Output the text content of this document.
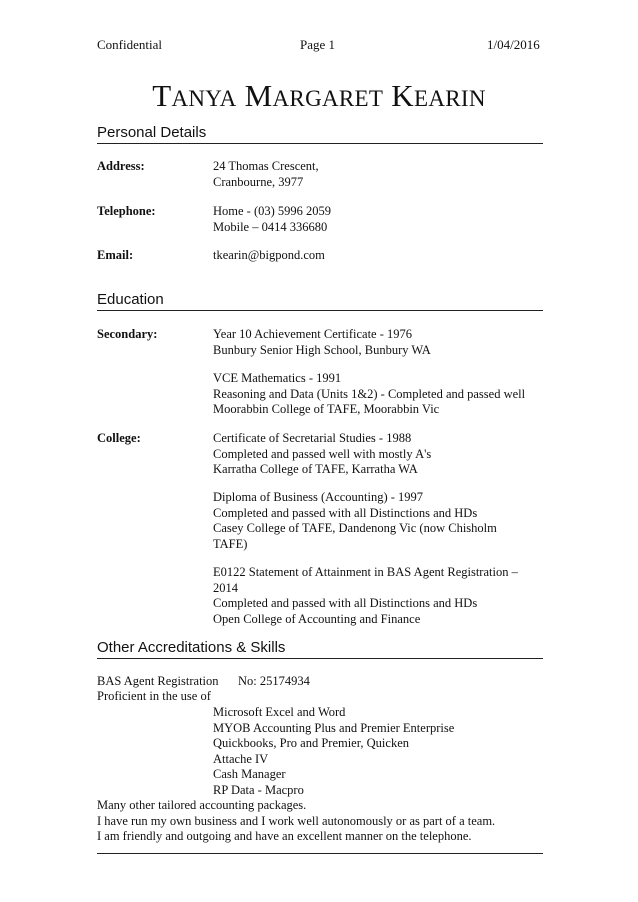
Confidential	Page 1	1/04/2016
TANYA MARGARET KEARIN
Personal Details
Address:	24 Thomas Crescent,
Cranbourne, 3977
Telephone:	Home - (03) 5996 2059
Mobile – 0414 336680
Email:	tkearin@bigpond.com
Education
Secondary:	Year 10 Achievement Certificate - 1976
Bunbury Senior High School, Bunbury WA
VCE Mathematics - 1991
Reasoning and Data (Units 1&2) - Completed and passed well
Moorabbin College of TAFE, Moorabbin Vic
College:	Certificate of Secretarial Studies - 1988
Completed and passed well with mostly A's
Karratha College of TAFE, Karratha WA
Diploma of Business (Accounting) - 1997
Completed and passed with all Distinctions and HDs
Casey College of TAFE, Dandenong Vic (now Chisholm
TAFE)
E0122 Statement of Attainment in BAS Agent Registration –
2014
Completed and passed with all Distinctions and HDs
Open College of Accounting and Finance
Other Accreditations & Skills
BAS Agent Registration No: 25174934
Proficient in the use of
Microsoft Excel and Word
MYOB Accounting Plus and Premier Enterprise
Quickbooks, Pro and Premier, Quicken
Attache IV
Cash Manager
RP Data - Macpro
Many other tailored accounting packages.
I have run my own business and I work well autonomously or as part of a team.
I am friendly and outgoing and have an excellent manner on the telephone.
